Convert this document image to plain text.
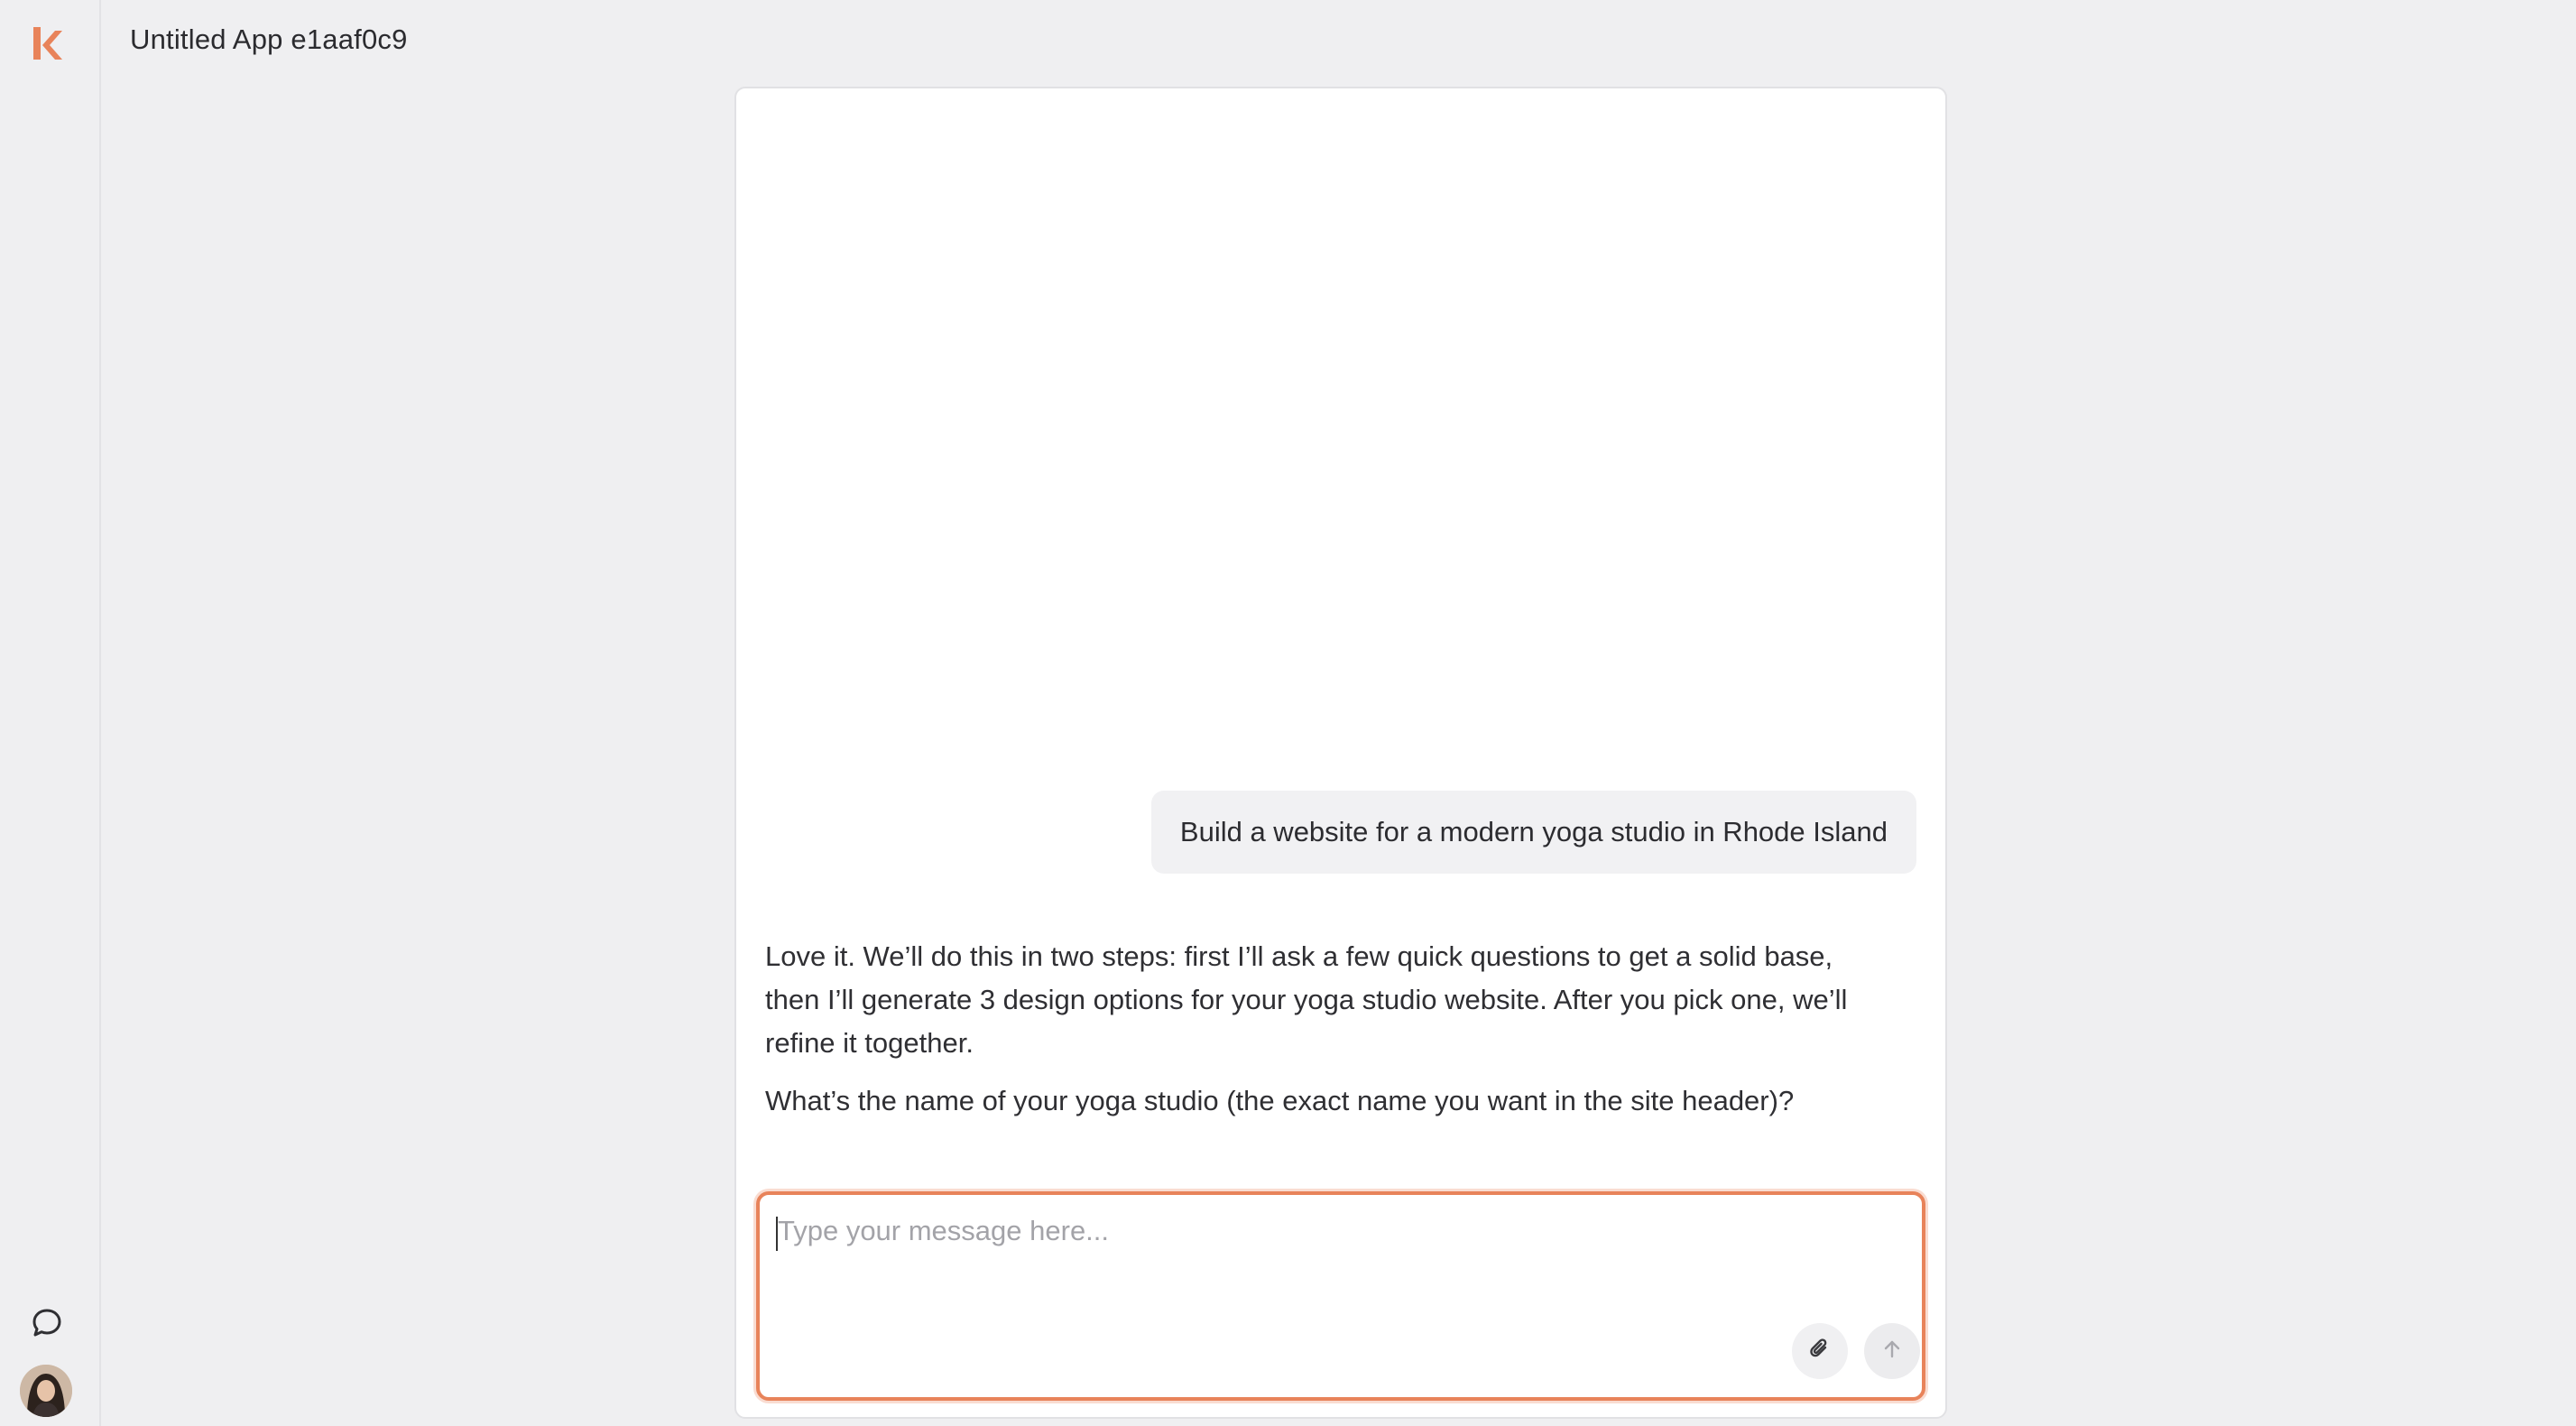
Untitled App e1aaf0c9
Build a website for a modern yoga studio in Rhode Island

Love it. We’ll do this in two steps: first I’ll ask a few quick questions to get a solid base, then I’ll generate 3 design options for your yoga studio website. After you pick one, we’ll refine it together.

What’s the name of your yoga studio (the exact name you want in the site header)?

Type your message here...
